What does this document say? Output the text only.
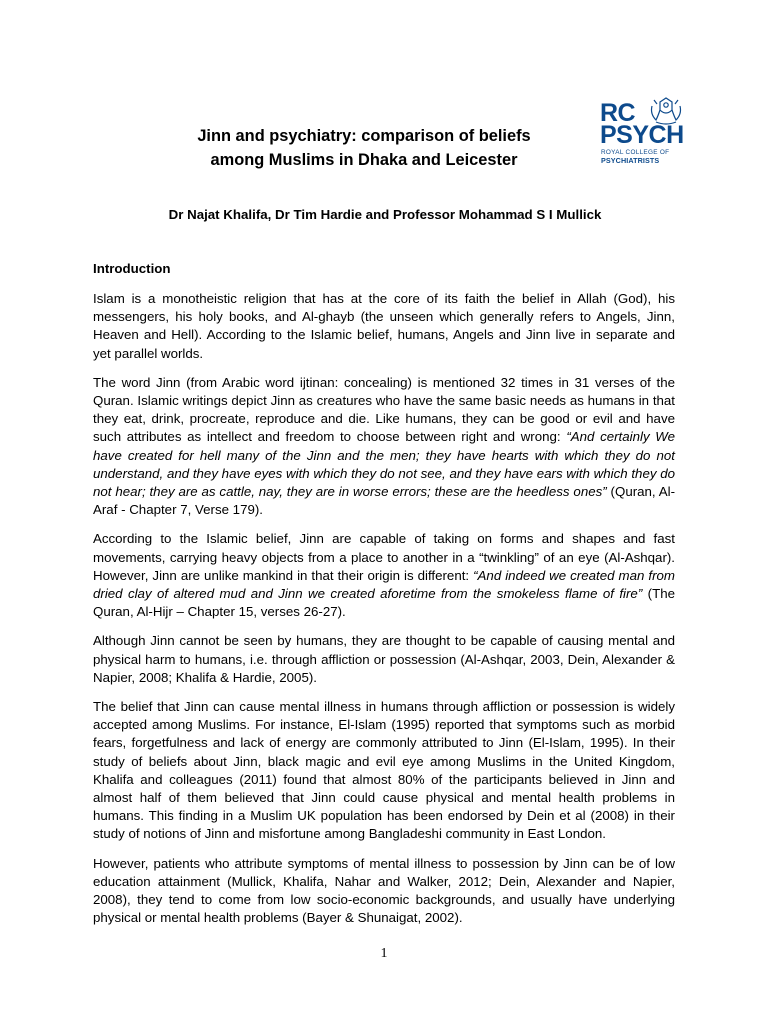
RC
PSYCH
ROYAL COLLEGE OF
PSYCHIATRISTS
Jinn and psychiatry: comparison of beliefs
among Muslims in Dhaka and Leicester
Dr Najat Khalifa, Dr Tim Hardie and Professor Mohammad S I Mullick
Introduction

Islam is a monotheistic religion that has at the core of its faith the belief in Allah (God), his messengers, his holy books, and Al-ghayb (the unseen which generally refers to Angels, Jinn, Heaven and Hell). According to the Islamic belief, humans, Angels and Jinn live in separate and yet parallel worlds.

The word Jinn (from Arabic word ijtinan: concealing) is mentioned 32 times in 31 verses of the Quran. Islamic writings depict Jinn as creatures who have the same basic needs as humans in that they eat, drink, procreate, reproduce and die. Like humans, they can be good or evil and have such attributes as intellect and freedom to choose between right and wrong: “And certainly We have created for hell many of the Jinn and the men; they have hearts with which they do not understand, and they have eyes with which they do not see, and they have ears with which they do not hear; they are as cattle, nay, they are in worse errors; these are the heedless ones” (Quran, Al-Araf - Chapter 7, Verse 179).

According to the Islamic belief, Jinn are capable of taking on forms and shapes and fast movements, carrying heavy objects from a place to another in a “twinkling” of an eye (Al-Ashqar). However, Jinn are unlike mankind in that their origin is different: “And indeed we created man from dried clay of altered mud and Jinn we created aforetime from the smokeless flame of fire” (The Quran, Al-Hijr – Chapter 15, verses 26-27).

Although Jinn cannot be seen by humans, they are thought to be capable of causing mental and physical harm to humans, i.e. through affliction or possession (Al-Ashqar, 2003, Dein, Alexander & Napier, 2008; Khalifa & Hardie, 2005).

The belief that Jinn can cause mental illness in humans through affliction or possession is widely accepted among Muslims. For instance, El-Islam (1995) reported that symptoms such as morbid fears, forgetfulness and lack of energy are commonly attributed to Jinn (El-Islam, 1995). In their study of beliefs about Jinn, black magic and evil eye among Muslims in the United Kingdom, Khalifa and colleagues (2011) found that almost 80% of the participants believed in Jinn and almost half of them believed that Jinn could cause physical and mental health problems in humans. This finding in a Muslim UK population has been endorsed by Dein et al (2008) in their study of notions of Jinn and misfortune among Bangladeshi community in East London.

However, patients who attribute symptoms of mental illness to possession by Jinn can be of low education attainment (Mullick, Khalifa, Nahar and Walker, 2012; Dein, Alexander and Napier, 2008), they tend to come from low socio-economic backgrounds, and usually have underlying physical or mental health problems (Bayer & Shunaigat, 2002).

1
